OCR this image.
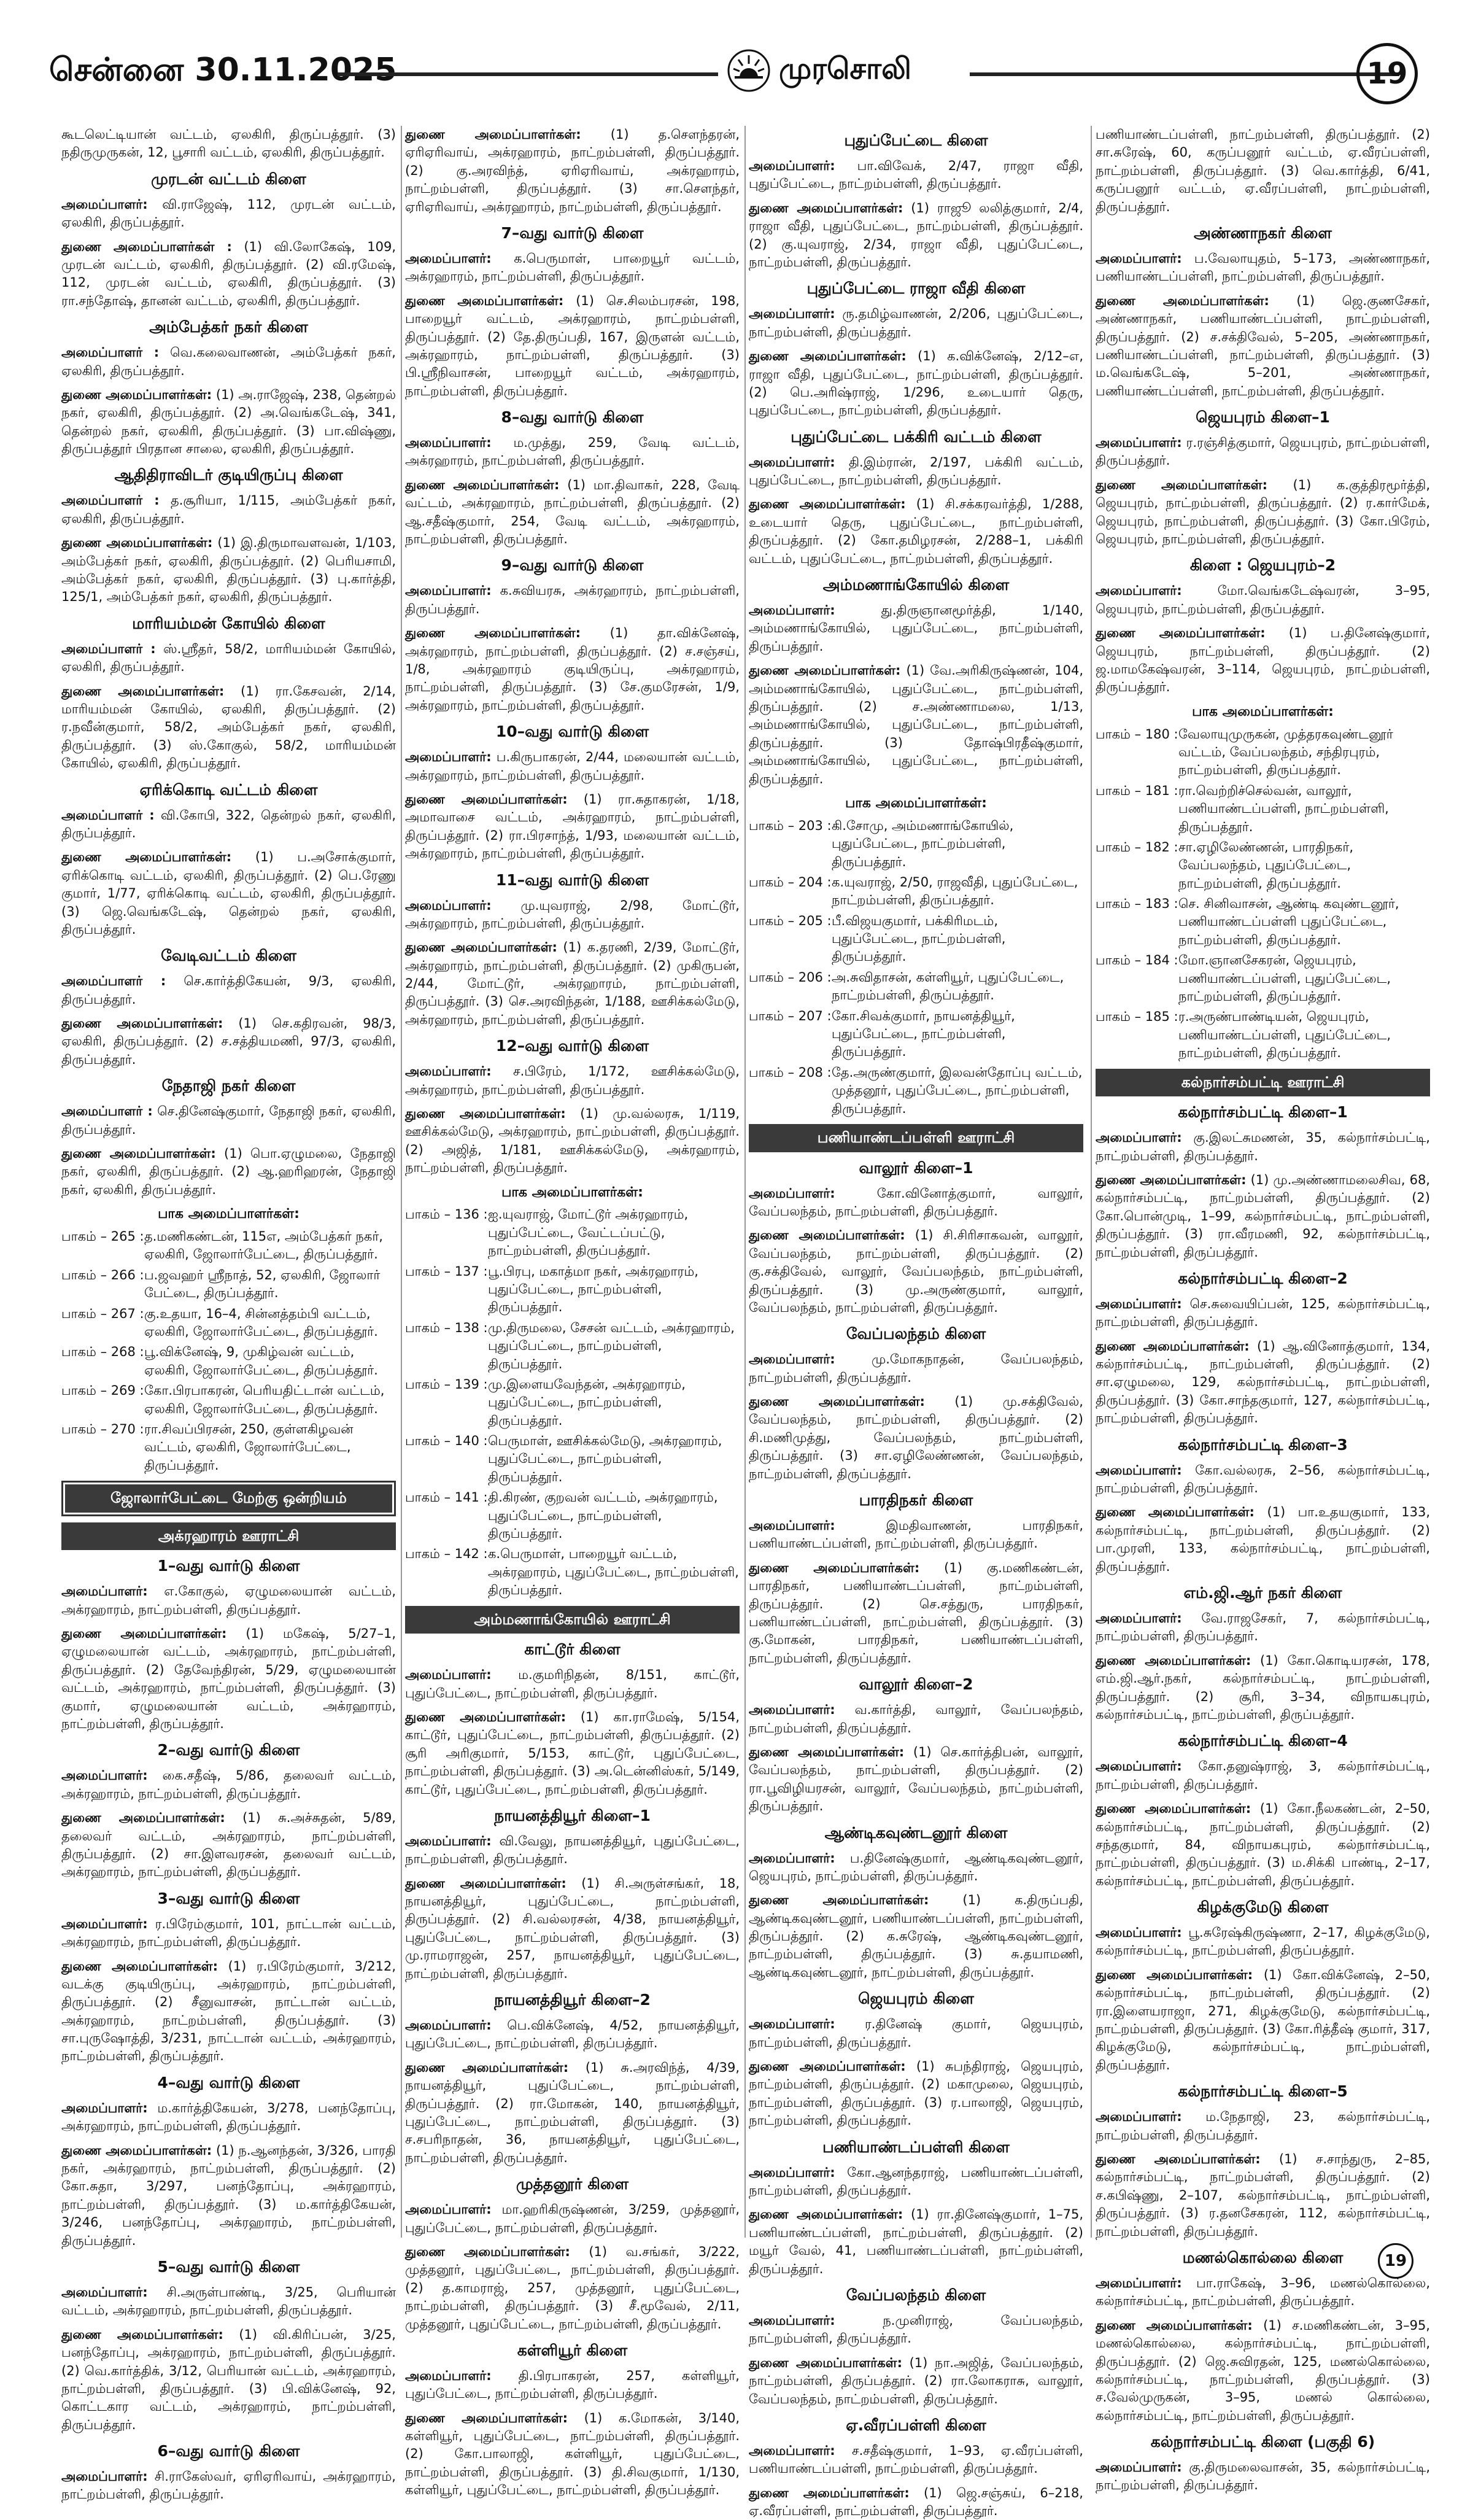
சென்னை 30.11.2025	முரசொலி	19

கூடலெட்டியான் வட்டம், ஏலகிரி, திருப்பத்தூர். (3) நதிருமுருகன், 12, பூசாரி வட்டம், ஏலகிரி, திருப்பத்தூர்.

முரடன் வட்டம் கிளை

அமைப்பாளர்: வி.ராஜேஷ், 112, முரடன் வட்டம், ஏலகிரி, திருப்பத்தூர்.

துணை அமைப்பாளர்கள் : (1) வி.லோகேஷ், 109, முரடன் வட்டம், ஏலகிரி, திருப்பத்தூர். (2) வி.ரமேஷ், 112, முரடன் வட்டம், ஏலகிரி, திருப்பத்தூர். (3) ரா.சந்தோஷ், தானன் வட்டம், ஏலகிரி, திருப்பத்தூர்.

அம்பேத்கர் நகர் கிளை

அமைப்பாளர் : வெ.கலைவாணன், அம்பேத்கர் நகர், ஏலகிரி, திருப்பத்தூர்.

துணை அமைப்பாளர்கள்: (1) அ.ராஜேஷ், 238, தென்றல் நகர், ஏலகிரி, திருப்பத்தூர். (2) அ.வெங்கடேஷ், 341, தென்றல் நகர், ஏலகிரி, திருப்பத்தூர். (3) பா.விஷ்ணு, திருப்பத்தூர் பிரதான சாலை, ஏலகிரி, திருப்பத்தூர்.

ஆதிதிராவிடர் குடியிருப்பு கிளை

அமைப்பாளர் : த.சூரியா, 1/115, அம்பேத்கர் நகர், ஏலகிரி, திருப்பத்தூர்.

துணை அமைப்பாளர்கள்: (1) இ.திருமாவளவன், 1/103, அம்பேத்கர் நகர், ஏலகிரி, திருப்பத்தூர். (2) பெரியசாமி, அம்பேத்கர் நகர், ஏலகிரி, திருப்பத்தூர். (3) பு.கார்த்தி, 125/1, அம்பேத்கர் நகர், ஏலகிரி, திருப்பத்தூர்.

மாரியம்மன் கோயில் கிளை

அமைப்பாளர் : ஸ்.ஸ்ரீதர், 58/2, மாரியம்மன் கோயில், ஏலகிரி, திருப்பத்தூர்.

துணை அமைப்பாளர்கள்: (1) ரா.கேசவன், 2/14, மாரியம்மன் கோயில், ஏலகிரி, திருப்பத்தூர். (2) ர.நவீன்குமார், 58/2, அம்பேத்கர் நகர், ஏலகிரி, திருப்பத்தூர். (3) ஸ்.கோகுல், 58/2, மாரியம்மன் கோயில், ஏலகிரி, திருப்பத்தூர்.

ஏரிக்கொடி வட்டம் கிளை

அமைப்பாளர் : வி.கோபி, 322, தென்றல் நகர், ஏலகிரி, திருப்பத்தூர்.

துணை அமைப்பாளர்கள்: (1) ப.அசோக்குமார், ஏரிக்கொடி வட்டம், ஏலகிரி, திருப்பத்தூர். (2) பெ.ரேணு குமார், 1/77, ஏரிக்கொடி வட்டம், ஏலகிரி, திருப்பத்தூர். (3) ஜெ.வெங்கடேஷ், தென்றல் நகர், ஏலகிரி, திருப்பத்தூர்.

வேடிவட்டம் கிளை

அமைப்பாளர் : செ.கார்த்திகேயன், 9/3, ஏலகிரி, திருப்பத்தூர்.

துணை அமைப்பாளர்கள்: (1) செ.கதிரவன், 98/3, ஏலகிரி, திருப்பத்தூர். (2) ச.சத்தியமணி, 97/3, ஏலகிரி, திருப்பத்தூர்.

நேதாஜி நகர் கிளை

அமைப்பாளர் : செ.தினேஷ்குமார், நேதாஜி நகர், ஏலகிரி, திருப்பத்தூர்.

துணை அமைப்பாளர்கள்: (1) பொ.ஏழுமலை, நேதாஜி நகர், ஏலகிரி, திருப்பத்தூர். (2) ஆ.ஹரிஹரன், நேதாஜி நகர், ஏலகிரி, திருப்பத்தூர்.

பாக அமைப்பாளர்கள்:
பாகம் – 265 : த.மணிகண்டன், 115எ, அம்பேத்கர் நகர், ஏலகிரி, ஜோலார்பேட்டை, திருப்பத்தூர்.
பாகம் – 266 : ப.ஜவஹர் ஸ்ரீநாத், 52, ஏலகிரி, ஜோலார் பேட்டை, திருப்பத்தூர்.
பாகம் – 267 : கு.உதயா, 16–4, சின்னத்தம்பி வட்டம், ஏலகிரி, ஜோலார்பேட்டை, திருப்பத்தூர்.
பாகம் – 268 : பூ.விக்னேஷ், 9, முகிழ்வன் வட்டம், ஏலகிரி, ஜோலார்பேட்டை, திருப்பத்தூர்.
பாகம் – 269 : கோ.பிரபாகரன், பெரியதிட்டான் வட்டம், ஏலகிரி, ஜோலார்பேட்டை, திருப்பத்தூர்.
பாகம் – 270 : ரா.சிவப்பிரசன், 250, குள்ளகிழவன் வட்டம், ஏலகிரி, ஜோலார்பேட்டை, திருப்பத்தூர்.
ஜோலார்பேட்டை மேற்கு ஒன்றியம்
அக்ரஹாரம் ஊராட்சி
1–வது வார்டு கிளை

அமைப்பாளர்: எ.கோகுல், ஏழுமலையான் வட்டம், அக்ரஹாரம், நாட்றம்பள்ளி, திருப்பத்தூர்.

துணை அமைப்பாளர்கள்: (1) மகேஷ், 5/27–1, ஏழுமலையான் வட்டம், அக்ரஹாரம், நாட்றம்பள்ளி, திருப்பத்தூர். (2) தேவேந்திரன், 5/29, ஏழுமலையான் வட்டம், அக்ரஹாரம், நாட்றம்பள்ளி, திருப்பத்தூர். (3) குமார், ஏழுமலையான் வட்டம், அக்ரஹாரம், நாட்றம்பள்ளி, திருப்பத்தூர்.

2–வது வார்டு கிளை

அமைப்பாளர்: கை.சதீஷ், 5/86, தலைவர் வட்டம், அக்ரஹாரம், நாட்றம்பள்ளி, திருப்பத்தூர்.

துணை அமைப்பாளர்கள்: (1) சு.அச்சுதன், 5/89, தலைவர் வட்டம், அக்ரஹாரம், நாட்றம்பள்ளி, திருப்பத்தூர். (2) சா.இளவரசன், தலைவர் வட்டம், அக்ரஹாரம், நாட்றம்பள்ளி, திருப்பத்தூர்.

3–வது வார்டு கிளை

அமைப்பாளர்: ர.பிரேம்குமார், 101, நாட்டான் வட்டம், அக்ரஹாரம், நாட்றம்பள்ளி, திருப்பத்தூர்.

துணை அமைப்பாளர்கள்: (1) ர.பிரேம்குமார், 3/212, வடக்கு குடியிருப்பு, அக்ரஹாரம், நாட்றம்பள்ளி, திருப்பத்தூர். (2) சீனுவாசன், நாட்டான் வட்டம், அக்ரஹாரம், நாட்றம்பள்ளி, திருப்பத்தூர். (3) சா.புருஷோத்தி, 3/231, நாட்டான் வட்டம், அக்ரஹாரம், நாட்றம்பள்ளி, திருப்பத்தூர்.

4–வது வார்டு கிளை

அமைப்பாளர்: ம.கார்த்திகேயன், 3/278, பனந்தோப்பு, அக்ரஹாரம், நாட்றம்பள்ளி, திருப்பத்தூர்.

துணை அமைப்பாளர்கள்: (1) ந.ஆனந்தன், 3/326, பாரதி நகர், அக்ரஹாரம், நாட்றம்பள்ளி, திருப்பத்தூர். (2) கோ.சுதா, 3/297, பனந்தோப்பு, அக்ரஹாரம், நாட்றம்பள்ளி, திருப்பத்தூர். (3) ம.கார்த்திகேயன், 3/246, பனந்தோப்பு, அக்ரஹாரம், நாட்றம்பள்ளி, திருப்பத்தூர்.

5–வது வார்டு கிளை

அமைப்பாளர்: சி.அருள்பாண்டி, 3/25, பெரியான் வட்டம், அக்ரஹாரம், நாட்றம்பள்ளி, திருப்பத்தூர்.

துணை அமைப்பாளர்கள்: (1) வி.கிரிப்பன், 3/25, பனந்தோப்பு, அக்ரஹாரம், நாட்றம்பள்ளி, திருப்பத்தூர். (2) வெ.கார்த்திக், 3/12, பெரியான் வட்டம், அக்ரஹாரம், நாட்றம்பள்ளி, திருப்பத்தூர். (3) பி.விக்னேஷ், 92, கொட்டகார வட்டம், அக்ரஹாரம், நாட்றம்பள்ளி, திருப்பத்தூர்.

6–வது வார்டு கிளை

அமைப்பாளர்: சி.ராகேஸ்வர், ஏரிஏரிவாய், அக்ரஹாரம், நாட்றம்பள்ளி, திருப்பத்தூர்.

துணை அமைப்பாளர்கள்: (1) த.சௌந்தரன், ஏரிஏரிவாய், அக்ரஹாரம், நாட்றம்பள்ளி, திருப்பத்தூர். (2) கு.அரவிந்த், ஏரிஏரிவாய், அக்ரஹாரம், நாட்றம்பள்ளி, திருப்பத்தூர். (3) சா.செளந்தர், ஏரிஏரிவாய், அக்ரஹாரம், நாட்றம்பள்ளி, திருப்பத்தூர்.

7–வது வார்டு கிளை

அமைப்பாளர்: க.பெருமாள், பாறையூர் வட்டம், அக்ரஹாரம், நாட்றம்பள்ளி, திருப்பத்தூர்.

துணை அமைப்பாளர்கள்: (1) செ.சிலம்பரசன், 198, பாறையூர் வட்டம், அக்ரஹாரம், நாட்றம்பள்ளி, திருப்பத்தூர். (2) தே.திருப்பதி, 167, இருளன் வட்டம், அக்ரஹாரம், நாட்றம்பள்ளி, திருப்பத்தூர். (3) பி.ஸ்ரீநிவாசன், பாறையூர் வட்டம், அக்ரஹாரம், நாட்றம்பள்ளி, திருப்பத்தூர்.

8–வது வார்டு கிளை

அமைப்பாளர்: ம.முத்து, 259, வேடி வட்டம், அக்ரஹாரம், நாட்றம்பள்ளி, திருப்பத்தூர்.

துணை அமைப்பாளர்கள்: (1) மா.திவாகர், 228, வேடி வட்டம், அக்ரஹாரம், நாட்றம்பள்ளி, திருப்பத்தூர். (2) ஆ.சதீஷ்குமார், 254, வேடி வட்டம், அக்ரஹாரம், நாட்றம்பள்ளி, திருப்பத்தூர்.

9–வது வார்டு கிளை

அமைப்பாளர்: க.சுவியரசு, அக்ரஹாரம், நாட்றம்பள்ளி, திருப்பத்தூர்.

துணை அமைப்பாளர்கள்: (1) தா.விக்னேஷ், அக்ரஹாரம், நாட்றம்பள்ளி, திருப்பத்தூர். (2) ச.சஞ்சய், 1/8, அக்ரஹாரம் குடியிருப்பு, அக்ரஹாரம், நாட்றம்பள்ளி, திருப்பத்தூர். (3) சே.குமரேசன், 1/9, அக்ரஹாரம், நாட்றம்பள்ளி, திருப்பத்தூர்.

10–வது வார்டு கிளை

அமைப்பாளர்: ப.கிருபாகரன், 2/44, மலையான் வட்டம், அக்ரஹாரம், நாட்றம்பள்ளி, திருப்பத்தூர்.

துணை அமைப்பாளர்கள்: (1) ரா.சுதாகரன், 1/18, அமாவாசை வட்டம், அக்ரஹாரம், நாட்றம்பள்ளி, திருப்பத்தூர். (2) ரா.பிரசாந்த், 1/93, மலையான் வட்டம், அக்ரஹாரம், நாட்றம்பள்ளி, திருப்பத்தூர்.

11–வது வார்டு கிளை

அமைப்பாளர்: மு.யுவராஜ், 2/98, மோட்டூர், அக்ரஹாரம், நாட்றம்பள்ளி, திருப்பத்தூர்.

துணை அமைப்பாளர்கள்: (1) க.தரணி, 2/39, மோட்டூர், அக்ரஹாரம், நாட்றம்பள்ளி, திருப்பத்தூர். (2) முகிருபன், 2/44, மோட்டூர், அக்ரஹாரம், நாட்றம்பள்ளி, திருப்பத்தூர். (3) செ.அரவிந்தன், 1/188, ஊசிக்கல்மேடு, அக்ரஹாரம், நாட்றம்பள்ளி, திருப்பத்தூர்.

12–வது வார்டு கிளை

அமைப்பாளர்: ச.பிரேம், 1/172, ஊசிக்கல்மேடு, அக்ரஹாரம், நாட்றம்பள்ளி, திருப்பத்தூர்.

துணை அமைப்பாளர்கள்: (1) மு.வல்லரசு, 1/119, ஊசிக்கல்மேடு, அக்ரஹாரம், நாட்றம்பள்ளி, திருப்பத்தூர். (2) அஜித், 1/181, ஊசிக்கல்மேடு, அக்ரஹாரம், நாட்றம்பள்ளி, திருப்பத்தூர்.

பாக அமைப்பாளர்கள்:
பாகம் – 136 : ஐ.யுவராஜ், மோட்டூர் அக்ரஹாரம், புதுப்பேட்டை, வேட்டப்பட்டு, நாட்றம்பள்ளி, திருப்பத்தூர்.
பாகம் – 137 : பூ.பிரபு, மகாத்மா நகர், அக்ரஹாரம், புதுப்பேட்டை, நாட்றம்பள்ளி, திருப்பத்தூர்.
பாகம் – 138 : மு.திருமலை, சேசன் வட்டம், அக்ரஹாரம், புதுப்பேட்டை, நாட்றம்பள்ளி, திருப்பத்தூர்.
பாகம் – 139 : மு.இளையவேந்தன், அக்ரஹாரம், புதுப்பேட்டை, நாட்றம்பள்ளி, திருப்பத்தூர்.
பாகம் – 140 : பெருமாள், ஊசிக்கல்மேடு, அக்ரஹாரம், புதுப்பேட்டை, நாட்றம்பள்ளி, திருப்பத்தூர்.
பாகம் – 141 : தி.கிரண், குறவன் வட்டம், அக்ரஹாரம், புதுப்பேட்டை, நாட்றம்பள்ளி, திருப்பத்தூர்.
பாகம் – 142 : க.பெருமாள், பாறையூர் வட்டம், அக்ரஹாரம், புதுப்பேட்டை, நாட்றம்பள்ளி, திருப்பத்தூர்.
அம்மணாங்கோயில் ஊராட்சி
காட்டூர் கிளை

அமைப்பாளர்: ம.குமரிநிதன், 8/151, காட்டூர், புதுப்பேட்டை, நாட்றம்பள்ளி, திருப்பத்தூர்.

துணை அமைப்பாளர்கள்: (1) கா.ராமேஷ், 5/154, காட்டூர், புதுப்பேட்டை, நாட்றம்பள்ளி, திருப்பத்தூர். (2) சூரி அரிகுமார், 5/153, காட்டூர், புதுப்பேட்டை, நாட்றம்பள்ளி, திருப்பத்தூர். (3) அ.டென்னிஸ்கர், 5/149, காட்டூர், புதுப்பேட்டை, நாட்றம்பள்ளி, திருப்பத்தூர்.

நாயனத்தியூர் கிளை–1

அமைப்பாளர்: வி.வேலு, நாயனத்தியூர், புதுப்பேட்டை, நாட்றம்பள்ளி, திருப்பத்தூர்.

துணை அமைப்பாளர்கள்: (1) சி.அருள்சங்கர், 18, நாயனத்தியூர், புதுப்பேட்டை, நாட்றம்பள்ளி, திருப்பத்தூர். (2) சி.வல்லரசன், 4/38, நாயனத்தியூர், புதுப்பேட்டை, நாட்றம்பள்ளி, திருப்பத்தூர். (3) மு.ராமராஜன், 257, நாயனத்தியூர், புதுப்பேட்டை, நாட்றம்பள்ளி, திருப்பத்தூர்.

நாயனத்தியூர் கிளை–2

அமைப்பாளர்: பெ.விக்னேஷ், 4/52, நாயனத்தியூர், புதுப்பேட்டை, நாட்றம்பள்ளி, திருப்பத்தூர்.

துணை அமைப்பாளர்கள்: (1) சு.அரவிந்த், 4/39, நாயனத்தியூர், புதுப்பேட்டை, நாட்றம்பள்ளி, திருப்பத்தூர். (2) ரா.மோகன், 140, நாயனத்தியூர், புதுப்பேட்டை, நாட்றம்பள்ளி, திருப்பத்தூர். (3) ச.சபரிநாதன், 36, நாயனத்தியூர், புதுப்பேட்டை, நாட்றம்பள்ளி, திருப்பத்தூர்.

முத்தனூர் கிளை

அமைப்பாளர்: மா.ஹரிகிருஷ்ணன், 3/259, முத்தனூர், புதுப்பேட்டை, நாட்றம்பள்ளி, திருப்பத்தூர்.

துணை அமைப்பாளர்கள்: (1) வ.சங்கர், 3/222, முத்தனூர், புதுப்பேட்டை, நாட்றம்பள்ளி, திருப்பத்தூர். (2) த.காமராஜ், 257, முத்தனூர், புதுப்பேட்டை, நாட்றம்பள்ளி, திருப்பத்தூர். (3) சீ.மூவேல், 2/11, முத்தனூர், புதுப்பேட்டை, நாட்றம்பள்ளி, திருப்பத்தூர்.

கள்ளியூர் கிளை

அமைப்பாளர்: தி.பிரபாகரன், 257, கள்ளியூர், புதுப்பேட்டை, நாட்றம்பள்ளி, திருப்பத்தூர்.

துணை அமைப்பாளர்கள்: (1) க.மோகன், 3/140, கள்ளியூர், புதுப்பேட்டை, நாட்றம்பள்ளி, திருப்பத்தூர். (2) கோ.பாலாஜி, கள்ளியூர், புதுப்பேட்டை, நாட்றம்பள்ளி, திருப்பத்தூர். (3) தி.சிவகுமார், 1/130, கள்ளியூர், புதுப்பேட்டை, நாட்றம்பள்ளி, திருப்பத்தூர்.

புதுப்பேட்டை கிளை

அமைப்பாளர்: பா.விவேக், 2/47, ராஜா வீதி, புதுப்பேட்டை, நாட்றம்பள்ளி, திருப்பத்தூர்.

துணை அமைப்பாளர்கள்: (1) ராஜூ லலித்குமார், 2/4, ராஜா வீதி, புதுப்பேட்டை, நாட்றம்பள்ளி, திருப்பத்தூர். (2) கு.யுவராஜ், 2/34, ராஜா வீதி, புதுப்பேட்டை, நாட்றம்பள்ளி, திருப்பத்தூர்.

புதுப்பேட்டை ராஜா வீதி கிளை

அமைப்பாளர்: ரு.தமிழ்வாணன், 2/206, புதுப்பேட்டை, நாட்றம்பள்ளி, திருப்பத்தூர்.

துணை அமைப்பாளர்கள்: (1) க.விக்னேஷ், 2/12–எ, ராஜா வீதி, புதுப்பேட்டை, நாட்றம்பள்ளி, திருப்பத்தூர். (2) பெ.அரிஷ்ராஜ், 1/296, உடையார் தெரு, புதுப்பேட்டை, நாட்றம்பள்ளி, திருப்பத்தூர்.

புதுப்பேட்டை பக்கிரி வட்டம் கிளை

அமைப்பாளர்: தி.இம்ரான், 2/197, பக்கிரி வட்டம், புதுப்பேட்டை, நாட்றம்பள்ளி, திருப்பத்தூர்.

துணை அமைப்பாளர்கள்: (1) சி.சக்கரவர்த்தி, 1/288, உடையார் தெரு, புதுப்பேட்டை, நாட்றம்பள்ளி, திருப்பத்தூர். (2) கோ.தமிழரசன், 2/288–1, பக்கிரி வட்டம், புதுப்பேட்டை, நாட்றம்பள்ளி, திருப்பத்தூர்.

அம்மணாங்கோயில் கிளை

அமைப்பாளர்:	து.திருஞானமூர்த்தி, 1/140, அம்மணாங்கோயில், புதுப்பேட்டை, நாட்றம்பள்ளி, திருப்பத்தூர்.

துணை அமைப்பாளர்கள்: (1) வே.அரிகிருஷ்ணன், 104, அம்மணாங்கோயில், புதுப்பேட்டை, நாட்றம்பள்ளி, திருப்பத்தூர். (2) ச.அண்ணாமலை, 1/13, அம்மணாங்கோயில், புதுப்பேட்டை, நாட்றம்பள்ளி, திருப்பத்தூர். (3) தோஷ்பிரதீஷ்குமார், அம்மணாங்கோயில், புதுப்பேட்டை, நாட்றம்பள்ளி, திருப்பத்தூர்.

பாக அமைப்பாளர்கள்:
பாகம் – 203 : கி.சோமு, அம்மணாங்கோயில், புதுப்பேட்டை, நாட்றம்பள்ளி, திருப்பத்தூர்.
பாகம் – 204 : க.யுவராஜ், 2/50, ராஜவீதி, புதுப்பேட்டை, நாட்றம்பள்ளி, திருப்பத்தூர்.
பாகம் – 205 : பீ.விஜயகுமார், பக்கிரிமடம், புதுப்பேட்டை, நாட்றம்பள்ளி, திருப்பத்தூர்.
பாகம் – 206 : அ.சுவிதாசன், கள்ளியூர், புதுப்பேட்டை, நாட்றம்பள்ளி, திருப்பத்தூர்.
பாகம் – 207 : கோ.சிவக்குமார், நாயனத்தியூர், புதுப்பேட்டை, நாட்றம்பள்ளி, திருப்பத்தூர்.
பாகம் – 208 : தே.அருண்குமார், இலவன்தோப்பு வட்டம், முத்தனூர், புதுப்பேட்டை, நாட்றம்பள்ளி, திருப்பத்தூர்.
பணியாண்டப்பள்ளி ஊராட்சி
வாலூர் கிளை–1

அமைப்பாளர்:	கோ.வினோத்குமார், வாலூர், வேப்பலந்தம், நாட்றம்பள்ளி, திருப்பத்தூர்.

துணை அமைப்பாளர்கள்: (1) சி.சிரிசாகவன், வாலூர், வேப்பலந்தம், நாட்றம்பள்ளி, திருப்பத்தூர். (2) கு.சக்திவேல், வாலூர், வேப்பலந்தம், நாட்றம்பள்ளி, திருப்பத்தூர். (3) மு.அருண்குமார், வாலூர், வேப்பலந்தம், நாட்றம்பள்ளி, திருப்பத்தூர்.

வேப்பலந்தம் கிளை

அமைப்பாளர்:	மு.மோகநாதன், வேப்பலந்தம், நாட்றம்பள்ளி, திருப்பத்தூர்.

துணை அமைப்பாளர்கள்: (1) மு.சக்திவேல், வேப்பலந்தம், நாட்றம்பள்ளி, திருப்பத்தூர். (2) சி.மணிமுத்து, வேப்பலந்தம், நாட்றம்பள்ளி, திருப்பத்தூர். (3) சா.ஏழிலேண்ணன், வேப்பலந்தம், நாட்றம்பள்ளி, திருப்பத்தூர்.

பாரதிநகர் கிளை

அமைப்பாளர்:	இமதிவாணன், பாரதிநகர், பணியாண்டப்பள்ளி, நாட்றம்பள்ளி, திருப்பத்தூர்.

துணை அமைப்பாளர்கள்: (1) கு.மணிகண்டன், பாரதிநகர், பணியாண்டப்பள்ளி, நாட்றம்பள்ளி, திருப்பத்தூர். (2) செ.சத்துரு, பாரதிநகர், பணியாண்டப்பள்ளி, நாட்றம்பள்ளி, திருப்பத்தூர். (3) கு.மோகன், பாரதிநகர், பணியாண்டப்பள்ளி, நாட்றம்பள்ளி, திருப்பத்தூர்.

வாலூர் கிளை–2

அமைப்பாளர்: வ.கார்த்தி, வாலூர், வேப்பலந்தம், நாட்றம்பள்ளி, திருப்பத்தூர்.

துணை அமைப்பாளர்கள்: (1) செ.கார்த்திபன், வாலூர், வேப்பலந்தம், நாட்றம்பள்ளி, திருப்பத்தூர். (2) ரா.பூவிழியரசன், வாலூர், வேப்பலந்தம், நாட்றம்பள்ளி, திருப்பத்தூர்.

ஆண்டிகவுண்டனூர் கிளை

அமைப்பாளர்: ப.தினேஷ்குமார், ஆண்டிகவுண்டனூர், ஜெயபுரம், நாட்றம்பள்ளி, திருப்பத்தூர்.

துணை அமைப்பாளர்கள்:	(1) க.திருப்பதி, ஆண்டிகவுண்டனூர், பணியாண்டப்பள்ளி, நாட்றம்பள்ளி, திருப்பத்தூர். (2) க.சுரேஷ், ஆண்டிகவுண்டனூர், நாட்றம்பள்ளி, திருப்பத்தூர். (3) சு.தயாமணி, ஆண்டிகவுண்டனூர், நாட்றம்பள்ளி, திருப்பத்தூர்.

ஜெயபுரம் கிளை

அமைப்பாளர்: ர.தினேஷ் குமார், ஜெயபுரம், நாட்றம்பள்ளி, திருப்பத்தூர்.

துணை அமைப்பாளர்கள்: (1) சுபந்திராஜ், ஜெயபுரம், நாட்றம்பள்ளி, திருப்பத்தூர். (2) மகாமுலை, ஜெயபுரம், நாட்றம்பள்ளி, திருப்பத்தூர். (3) ர.பாலாஜி, ஜெயபுரம், நாட்றம்பள்ளி, திருப்பத்தூர்.

பணியாண்டப்பள்ளி கிளை

அமைப்பாளர்: கோ.ஆனந்தராஜ், பணியாண்டப்பள்ளி, நாட்றம்பள்ளி, திருப்பத்தூர்.

துணை அமைப்பாளர்கள்: (1) ரா.தினேஷ்குமார், 1–75, பணியாண்டப்பள்ளி, நாட்றம்பள்ளி, திருப்பத்தூர். (2) மயூர் வேல், 41, பணியாண்டப்பள்ளி, நாட்றம்பள்ளி, திருப்பத்தூர்.

வேப்பலந்தம் கிளை

அமைப்பாளர்:	ந.முனிராஜ், வேப்பலந்தம், நாட்றம்பள்ளி, திருப்பத்தூர்.

துணை அமைப்பாளர்கள்: (1) நா.அஜித், வேப்பலந்தம், நாட்றம்பள்ளி, திருப்பத்தூர். (2) ரா.லோகராசு, வாலூர், வேப்பலந்தம், நாட்றம்பள்ளி, திருப்பத்தூர்.

ஏ.வீரப்பள்ளி கிளை

அமைப்பாளர்: ச.சதீஷ்குமார், 1–93, ஏ.வீரப்பள்ளி, பணியாண்டப்பள்ளி, நாட்றம்பள்ளி, திருப்பத்தூர்.

துணை அமைப்பாளர்கள்: (1) ஜெ.சஞ்சுய், 6–218, ஏ.வீரப்பள்ளி, நாட்றம்பள்ளி, திருப்பத்தூர்.

பணியாண்டப்பள்ளி, நாட்றம்பள்ளி, திருப்பத்தூர். (2) சா.சுரேஷ், 60, கருப்பனூர் வட்டம், ஏ.வீரப்பள்ளி, நாட்றம்பள்ளி, திருப்பத்தூர். (3) வெ.கார்த்தி, 6/41, கருப்பனூர் வட்டம், ஏ.வீரப்பள்ளி, நாட்றம்பள்ளி, திருப்பத்தூர்.

அண்ணாநகர் கிளை

அமைப்பாளர்: ப.வேலாயுதம், 5–173, அண்ணாநகர், பணியாண்டப்பள்ளி, நாட்றம்பள்ளி, திருப்பத்தூர்.

துணை அமைப்பாளர்கள்: (1) ஜெ.குணசேகர், அண்ணாநகர், பணியாண்டப்பள்ளி, நாட்றம்பள்ளி, திருப்பத்தூர். (2) ச.சக்திவேல், 5–205, அண்ணாநகர், பணியாண்டப்பள்ளி, நாட்றம்பள்ளி, திருப்பத்தூர். (3) ம.வெங்கடேஷ், 5–201, அண்ணாநகர், பணியாண்டப்பள்ளி, நாட்றம்பள்ளி, திருப்பத்தூர்.

ஜெயபுரம் கிளை–1

அமைப்பாளர்: ர.ரஞ்சித்குமார், ஜெயபுரம், நாட்றம்பள்ளி, திருப்பத்தூர்.

துணை அமைப்பாளர்கள்: (1) க.குத்திரமூர்த்தி, ஜெயபுரம், நாட்றம்பள்ளி, திருப்பத்தூர். (2) ர.கார்மேக், ஜெயபுரம், நாட்றம்பள்ளி, திருப்பத்தூர். (3) கோ.பிரேம், ஜெயபுரம், நாட்றம்பள்ளி, திருப்பத்தூர்.

கிளை : ஜெயபுரம்–2

அமைப்பாளர்:	மோ.வெங்கடேஷ்வரன், 3–95, ஜெயபுரம், நாட்றம்பள்ளி, திருப்பத்தூர்.

துணை அமைப்பாளர்கள்: (1) ப.தினேஷ்குமார், ஜெயபுரம், நாட்றம்பள்ளி, திருப்பத்தூர். (2) ஜ.மாமகேஷ்வரன், 3–114, ஜெயபுரம், நாட்றம்பள்ளி, திருப்பத்தூர்.

பாக அமைப்பாளர்கள்:
பாகம் – 180 : வேலாயுமுருகன், முத்தரகவுண்டனூர் வட்டம், வேப்பலந்தம், சந்திரபுரம், நாட்றம்பள்ளி, திருப்பத்தூர்.
பாகம் – 181 : ரா.வெற்றிச்செல்வன், வாலூர், பணியாண்டப்பள்ளி, நாட்றம்பள்ளி, திருப்பத்தூர்.
பாகம் – 182 : சா.ஏழிலேண்ணன், பாரதிநகர், வேப்பலந்தம், புதுப்பேட்டை, நாட்றம்பள்ளி, திருப்பத்தூர்.
பாகம் – 183 : செ. சினிவாசன், ஆண்டி கவுண்டனூர், பணியாண்டப்பள்ளி புதுப்பேட்டை, நாட்றம்பள்ளி, திருப்பத்தூர்.
பாகம் – 184 : மோ.ஞானசேகரன், ஜெயபுரம், பணியாண்டப்பள்ளி, புதுப்பேட்டை, நாட்றம்பள்ளி, திருப்பத்தூர்.
பாகம் – 185 : ர.அருண்பாண்டியன், ஜெயபுரம், பணியாண்டப்பள்ளி, புதுப்பேட்டை, நாட்றம்பள்ளி, திருப்பத்தூர்.
கல்நார்சம்பட்டி ஊராட்சி
கல்நார்சம்பட்டி கிளை–1

அமைப்பாளர்: கு.இலட்சுமணன், 35, கல்நார்சம்பட்டி, நாட்றம்பள்ளி, திருப்பத்தூர்.

துணை அமைப்பாளர்கள்: (1) மு.அண்ணாமலைசிவ, 68, கல்நார்சம்பட்டி, நாட்றம்பள்ளி, திருப்பத்தூர். (2) கோ.பொன்முடி, 1–99, கல்நார்சம்பட்டி, நாட்றம்பள்ளி, திருப்பத்தூர். (3) ரா.வீரமணி, 92, கல்நார்சம்பட்டி, நாட்றம்பள்ளி, திருப்பத்தூர்.

கல்நார்சம்பட்டி கிளை–2

அமைப்பாளர்: செ.சுவையிப்பன், 125, கல்நார்சம்பட்டி, நாட்றம்பள்ளி, திருப்பத்தூர்.

துணை அமைப்பாளர்கள்: (1) ஆ.வினோத்குமார், 134, கல்நார்சம்பட்டி, நாட்றம்பள்ளி, திருப்பத்தூர். (2) சா.ஏழுமலை, 129, கல்நார்சம்பட்டி, நாட்றம்பள்ளி, திருப்பத்தூர். (3) கோ.சாந்தகுமார், 127, கல்நார்சம்பட்டி, நாட்றம்பள்ளி, திருப்பத்தூர்.

கல்நார்சம்பட்டி கிளை–3

அமைப்பாளர்: கோ.வல்லரசு, 2–56, கல்நார்சம்பட்டி, நாட்றம்பள்ளி, திருப்பத்தூர்.

துணை அமைப்பாளர்கள்: (1) பா.உதயகுமார், 133, கல்நார்சம்பட்டி, நாட்றம்பள்ளி, திருப்பத்தூர். (2) பா.முரளி, 133, கல்நார்சம்பட்டி, நாட்றம்பள்ளி, திருப்பத்தூர்.

எம்.ஜி.ஆர் நகர் கிளை

அமைப்பாளர்: வே.ராஜசேகர், 7, கல்நார்சம்பட்டி, நாட்றம்பள்ளி, திருப்பத்தூர்.

துணை அமைப்பாளர்கள்: (1) கோ.கொடியரசன், 178, எம்.ஜி.ஆர்.நகர், கல்நார்சம்பட்டி, நாட்றம்பள்ளி, திருப்பத்தூர். (2) சூரி, 3–34, விநாயகபுரம், கல்நார்சம்பட்டி, நாட்றம்பள்ளி, திருப்பத்தூர்.

கல்நார்சம்பட்டி கிளை–4

அமைப்பாளர்: கோ.தனுஷ்ராஜ், 3, கல்நார்சம்பட்டி, நாட்றம்பள்ளி, திருப்பத்தூர்.

துணை அமைப்பாளர்கள்: (1) கோ.நீலகண்டன், 2–50, கல்நார்சம்பட்டி, நாட்றம்பள்ளி, திருப்பத்தூர். (2) சந்தகுமார், 84, விநாயகபுரம், கல்நார்சம்பட்டி, நாட்றம்பள்ளி, திருப்பத்தூர். (3) ம.சிக்கி பாண்டி, 2–17, கல்நார்சம்பட்டி, நாட்றம்பள்ளி, திருப்பத்தூர்.

கிழக்குமேடு கிளை

அமைப்பாளர்: பூ.சுரேஷ்கிருஷ்ணா, 2–17, கிழக்குமேடு, கல்நார்சம்பட்டி, நாட்றம்பள்ளி, திருப்பத்தூர்.

துணை அமைப்பாளர்கள்: (1) கோ.விக்னேஷ், 2–50, கல்நார்சம்பட்டி, நாட்றம்பள்ளி, திருப்பத்தூர். (2) ரா.இளையராஜா, 271, கிழக்குமேடு, கல்நார்சம்பட்டி, நாட்றம்பள்ளி, திருப்பத்தூர். (3) கோ.ரித்தீஷ் குமார், 317, கிழக்குமேடு, கல்நார்சம்பட்டி, நாட்றம்பள்ளி, திருப்பத்தூர்.

கல்நார்சம்பட்டி கிளை–5

அமைப்பாளர்: ம.நேதாஜி, 23, கல்நார்சம்பட்டி, நாட்றம்பள்ளி, திருப்பத்தூர்.

துணை அமைப்பாளர்கள்: (1) ச.சாந்துரு, 2–85, கல்நார்சம்பட்டி, நாட்றம்பள்ளி, திருப்பத்தூர். (2) ச.கபிஷ்ணு, 2–107, கல்நார்சம்பட்டி, நாட்றம்பள்ளி, திருப்பத்தூர். (3) ர.தனசேகரன், 112, கல்நார்சம்பட்டி, நாட்றம்பள்ளி, திருப்பத்தூர்.

மணல்கொல்லை கிளை

அமைப்பாளர்: பா.ராகேஷ், 3–96, மணல்கொல்லை, கல்நார்சம்பட்டி, நாட்றம்பள்ளி, திருப்பத்தூர்.

துணை அமைப்பாளர்கள்: (1) ச.மணிகண்டன், 3–95, மணல்கொல்லை, கல்நார்சம்பட்டி, நாட்றம்பள்ளி, திருப்பத்தூர். (2) ஜெ.சுவிரதன், 125, மணல்கொல்லை, கல்நார்சம்பட்டி, நாட்றம்பள்ளி, திருப்பத்தூர். (3) ச.வேல்முருகன், 3–95, மணல் கொல்லை, கல்நார்சம்பட்டி, நாட்றம்பள்ளி, திருப்பத்தூர்.

கல்நார்சம்பட்டி கிளை (பகுதி 6)

அமைப்பாளர்: கு.திருமலைவாசன், 35, கல்நார்சம்பட்டி, நாட்றம்பள்ளி, திருப்பத்தூர்.

19
